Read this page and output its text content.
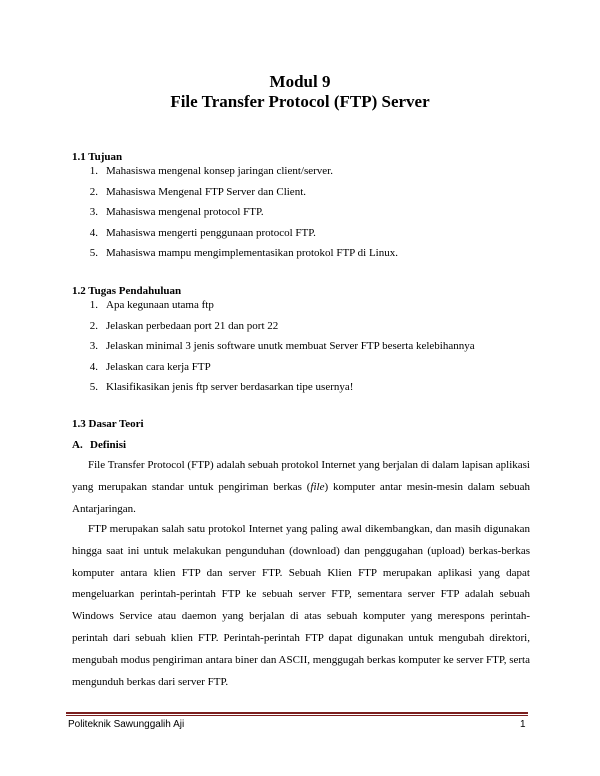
Modul 9
File Transfer Protocol (FTP) Server
1.1 Tujuan
1. Mahasiswa mengenal konsep jaringan client/server.
2. Mahasiswa Mengenal FTP Server dan Client.
3. Mahasiswa mengenal protocol FTP.
4. Mahasiswa mengerti penggunaan protocol FTP.
5. Mahasiswa mampu mengimplementasikan protokol FTP di Linux.
1.2 Tugas Pendahuluan
1. Apa kegunaan utama ftp
2. Jelaskan perbedaan port 21 dan port 22
3. Jelaskan minimal 3 jenis software unutk membuat Server FTP beserta kelebihannya
4. Jelaskan cara kerja FTP
5. Klasifikasikan jenis ftp server berdasarkan tipe usernya!
1.3 Dasar Teori
A. Definisi

File Transfer Protocol (FTP) adalah sebuah protokol Internet yang berjalan di dalam lapisan aplikasi yang merupakan standar untuk pengiriman berkas (file) komputer antar mesin-mesin dalam sebuah Antarjaringan.

FTP merupakan salah satu protokol Internet yang paling awal dikembangkan, dan masih digunakan hingga saat ini untuk melakukan pengunduhan (download) dan penggugahan (upload) berkas-berkas komputer antara klien FTP dan server FTP. Sebuah Klien FTP merupakan aplikasi yang dapat mengeluarkan perintah-perintah FTP ke sebuah server FTP, sementara server FTP adalah sebuah Windows Service atau daemon yang berjalan di atas sebuah komputer yang merespons perintah-perintah dari sebuah klien FTP. Perintah-perintah FTP dapat digunakan untuk mengubah direktori, mengubah modus pengiriman antara biner dan ASCII, menggugah berkas komputer ke server FTP, serta mengunduh berkas dari server FTP.

Politeknik Sawunggalih Aji	1
